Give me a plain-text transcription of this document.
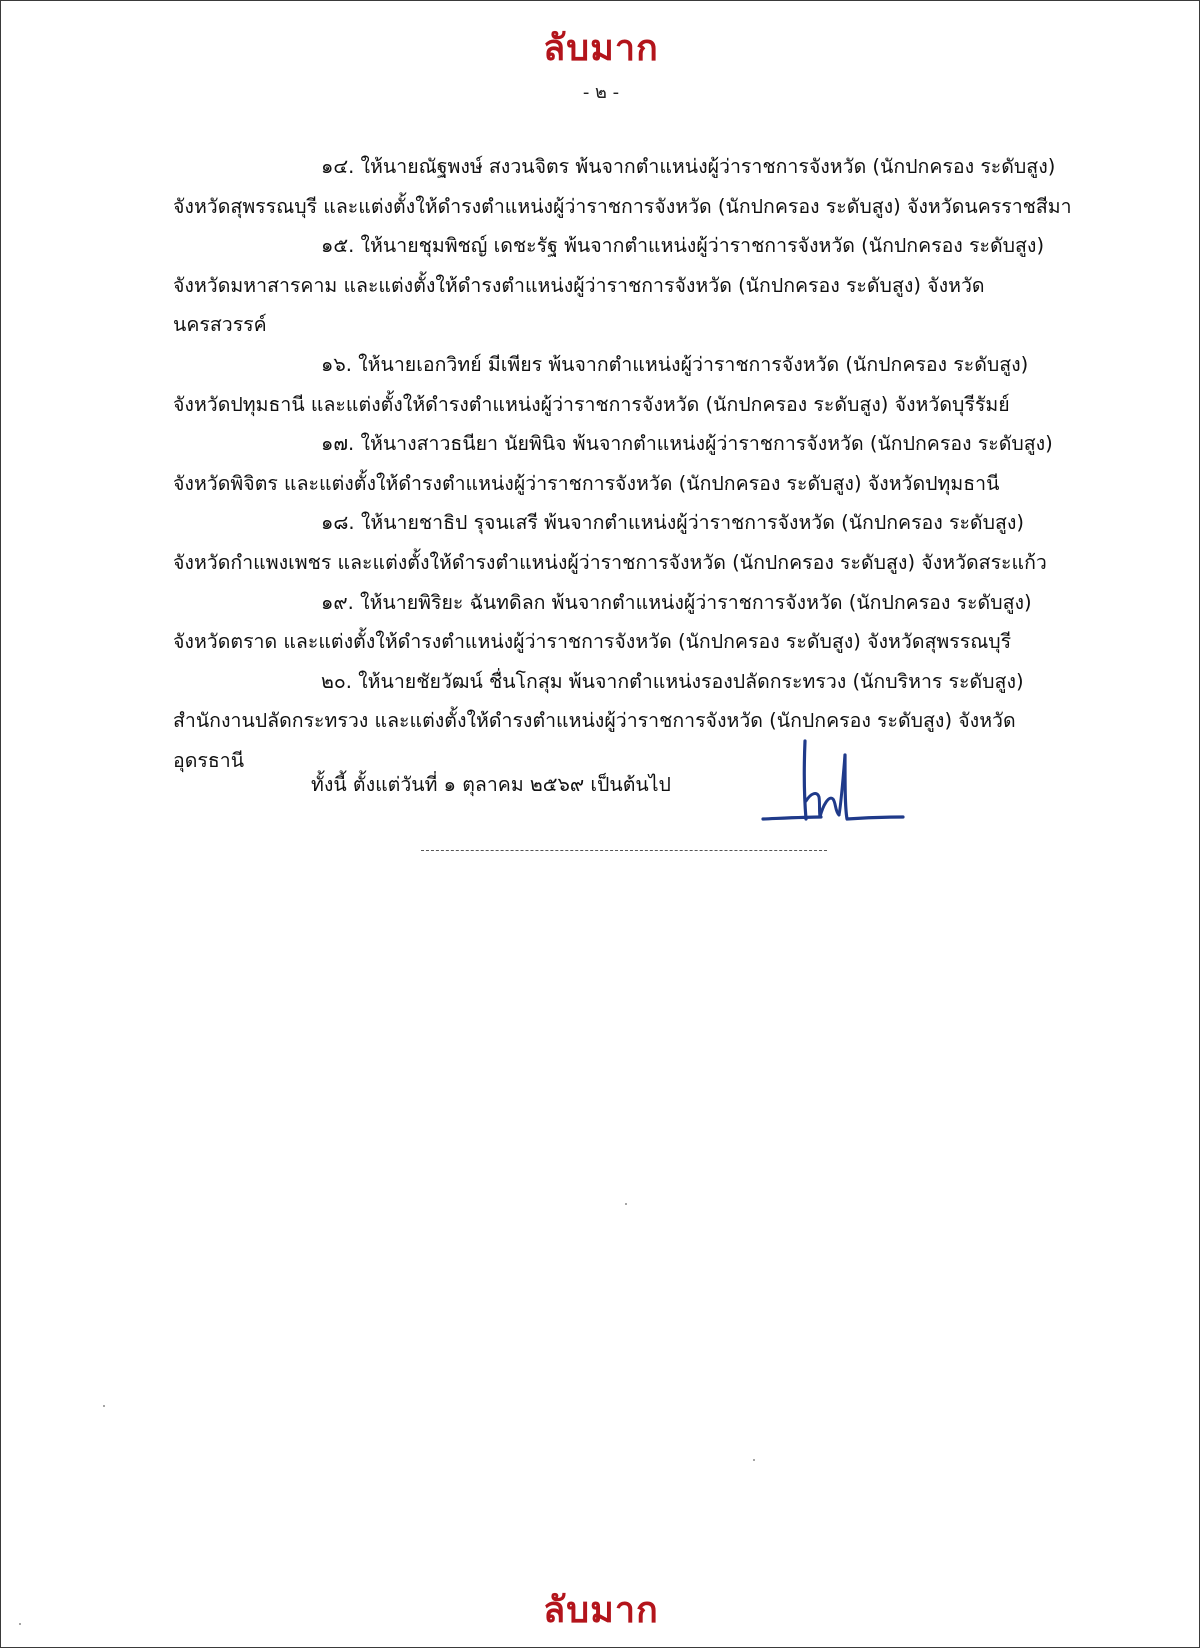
ลับมาก
- ๒ -
๑๔. ให้นายณัฐพงษ์ สงวนจิตร พ้นจากตำแหน่งผู้ว่าราชการจังหวัด (นักปกครอง ระดับสูง)
จังหวัดสุพรรณบุรี และแต่งตั้งให้ดำรงตำแหน่งผู้ว่าราชการจังหวัด (นักปกครอง ระดับสูง) จังหวัดนครราชสีมา
๑๕. ให้นายชุมพิชญ์ เดชะรัฐ พ้นจากตำแหน่งผู้ว่าราชการจังหวัด (นักปกครอง ระดับสูง)
จังหวัดมหาสารคาม และแต่งตั้งให้ดำรงตำแหน่งผู้ว่าราชการจังหวัด (นักปกครอง ระดับสูง) จังหวัด
นครสวรรค์
๑๖. ให้นายเอกวิทย์ มีเพียร พ้นจากตำแหน่งผู้ว่าราชการจังหวัด (นักปกครอง ระดับสูง)
จังหวัดปทุมธานี และแต่งตั้งให้ดำรงตำแหน่งผู้ว่าราชการจังหวัด (นักปกครอง ระดับสูง) จังหวัดบุรีรัมย์
๑๗. ให้นางสาวธนียา นัยพินิจ พ้นจากตำแหน่งผู้ว่าราชการจังหวัด (นักปกครอง ระดับสูง)
จังหวัดพิจิตร และแต่งตั้งให้ดำรงตำแหน่งผู้ว่าราชการจังหวัด (นักปกครอง ระดับสูง) จังหวัดปทุมธานี
๑๘. ให้นายชาธิป รุจนเสรี พ้นจากตำแหน่งผู้ว่าราชการจังหวัด (นักปกครอง ระดับสูง)
จังหวัดกำแพงเพชร และแต่งตั้งให้ดำรงตำแหน่งผู้ว่าราชการจังหวัด (นักปกครอง ระดับสูง) จังหวัดสระแก้ว
๑๙. ให้นายพิริยะ ฉันทดิลก พ้นจากตำแหน่งผู้ว่าราชการจังหวัด (นักปกครอง ระดับสูง)
จังหวัดตราด และแต่งตั้งให้ดำรงตำแหน่งผู้ว่าราชการจังหวัด (นักปกครอง ระดับสูง) จังหวัดสุพรรณบุรี
๒๐. ให้นายชัยวัฒน์ ชื่นโกสุม พ้นจากตำแหน่งรองปลัดกระทรวง (นักบริหาร ระดับสูง)
สำนักงานปลัดกระทรวง และแต่งตั้งให้ดำรงตำแหน่งผู้ว่าราชการจังหวัด (นักปกครอง ระดับสูง) จังหวัด
อุดรธานี
ทั้งนี้ ตั้งแต่วันที่ ๑ ตุลาคม ๒๕๖๙ เป็นต้นไป
ลับมาก
